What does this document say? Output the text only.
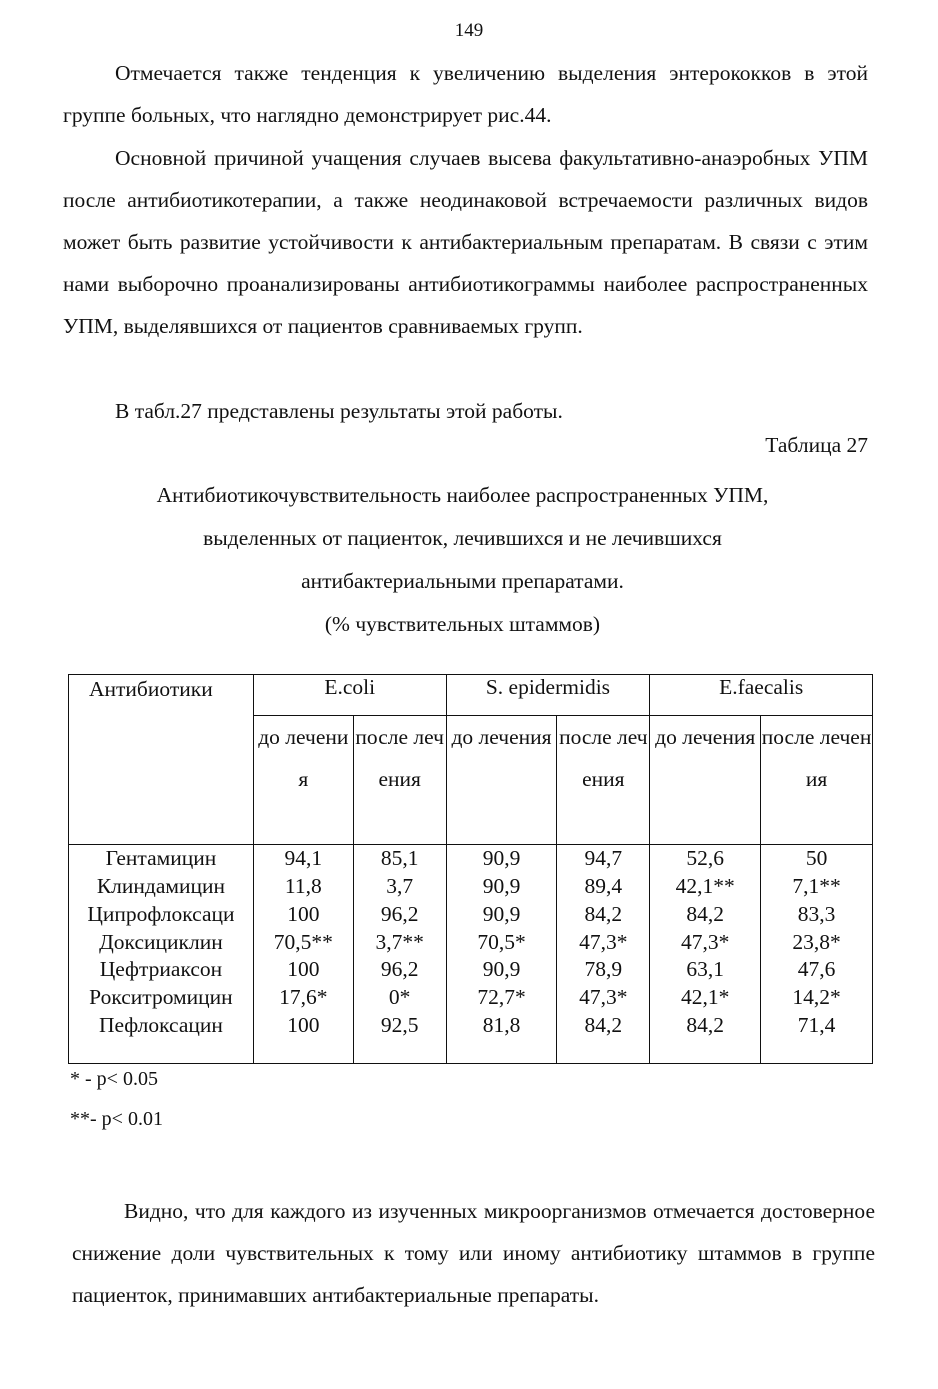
149

Отмечается также тенденция к увеличению выделения энтерококков в этой группе больных, что наглядно демонстрирует рис.44.

Основной причиной учащения случаев высева факультативно-анаэробных УПМ после антибиотикотерапии, а также неодинаковой встречаемости различных видов может быть развитие устойчивости к антибактериальным препаратам. В связи с этим нами выборочно проанализированы антибиотикограммы наиболее распространенных УПМ, выделявшихся от пациентов сравниваемых групп.

В табл.27 представлены результаты этой работы.

Таблица 27
Антибиотикочувствительность наиболее распространенных УПМ,
выделенных от пациенток, лечившихся и не лечившихся
антибактериальными препаратами.
(% чувствительных штаммов)
Антибиотики	E.coli		S. epidermidis		E.faecalis	
	до лечения	после лечения	до лечения	после лечения	до лечения	после лечения
Гентамицин	94,1	85,1	90,9	94,7	52,6	50
Клиндамицин	11,8	3,7	90,9	89,4	42,1**	7,1**
Ципрофлоксаци	100	96,2	90,9	84,2	84,2	83,3
Доксициклин	70,5**	3,7**	70,5*	47,3*	47,3*	23,8*
Цефтриаксон	100	96,2	90,9	78,9	63,1	47,6
Рокситромицин	17,6*	0*	72,7*	47,3*	42,1*	14,2*
Пефлоксацин	100	92,5	81,8	84,2	84,2	71,4
* - p< 0.05
**- p< 0.01

Видно, что для каждого из изученных микроорганизмов отмечается достоверное снижение доли чувствительных к тому или иному антибиотику штаммов в группе пациенток, принимавших антибактериальные препараты.
